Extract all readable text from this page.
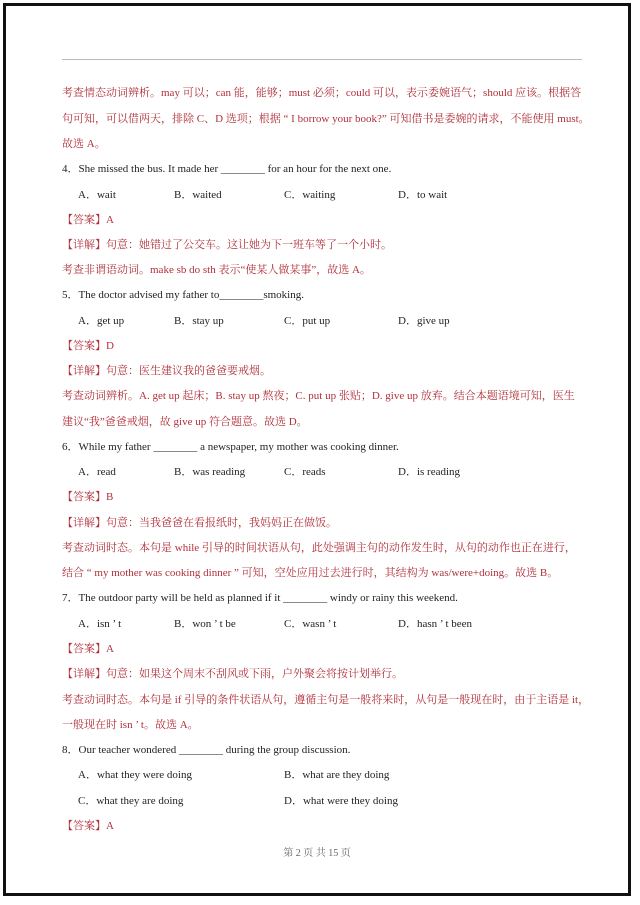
考查情态动词辨析。may 可以；can 能，能够；must 必须；could 可以，表示委婉语气；should 应该。根据答
句可知，可以借两天，排除 C、D 选项；根据 “ I borrow your book?” 可知借书是委婉的请求，不能使用 must。
故选 A。
4．She missed the bus. It made her ________ for an hour for the next one.
A．wait	B．waited	C．waiting	D．to wait
【答案】A
【详解】句意：她错过了公交车。这让她为下一班车等了一个小时。
考查非谓语动词。make sb do sth 表示“使某人做某事”，故选 A。
5．The doctor advised my father to________smoking.
A．get up	B．stay up	C．put up	D．give up
【答案】D
【详解】句意：医生建议我的爸爸要戒烟。
考查动词辨析。A. get up 起床；B. stay up 熬夜；C. put up 张贴；D. give up 放弃。结合本题语境可知，医生
建议“我”爸爸戒烟，故 give up 符合题意。故选 D。
6．While my father ________ a newspaper, my mother was cooking dinner.
A．read	B．was reading	C．reads	D．is reading
【答案】B
【详解】句意：当我爸爸在看报纸时，我妈妈正在做饭。
考查动词时态。本句是 while 引导的时间状语从句，此处强调主句的动作发生时，从句的动作也正在进行，
结合 “ my mother was cooking dinner ” 可知，空处应用过去进行时，其结构为 was/were+doing。故选 B。
7．The outdoor party will be held as planned if it ________ windy or rainy this weekend.
A．isn ’ t	B．won ’ t be	C．wasn ’ t	D．hasn ’ t been
【答案】A
【详解】句意：如果这个周末不刮风或下雨，户外聚会将按计划举行。
考查动词时态。本句是 if 引导的条件状语从句，遵循主句是一般将来时，从句是一般现在时，由于主语是 it，
一般现在时 isn ’ t。故选 A。
8．Our teacher wondered ________ during the group discussion.
A．what they were doing	B．what are they doing
C．what they are doing	D．what were they doing
【答案】A
第 2 页 共 15 页
